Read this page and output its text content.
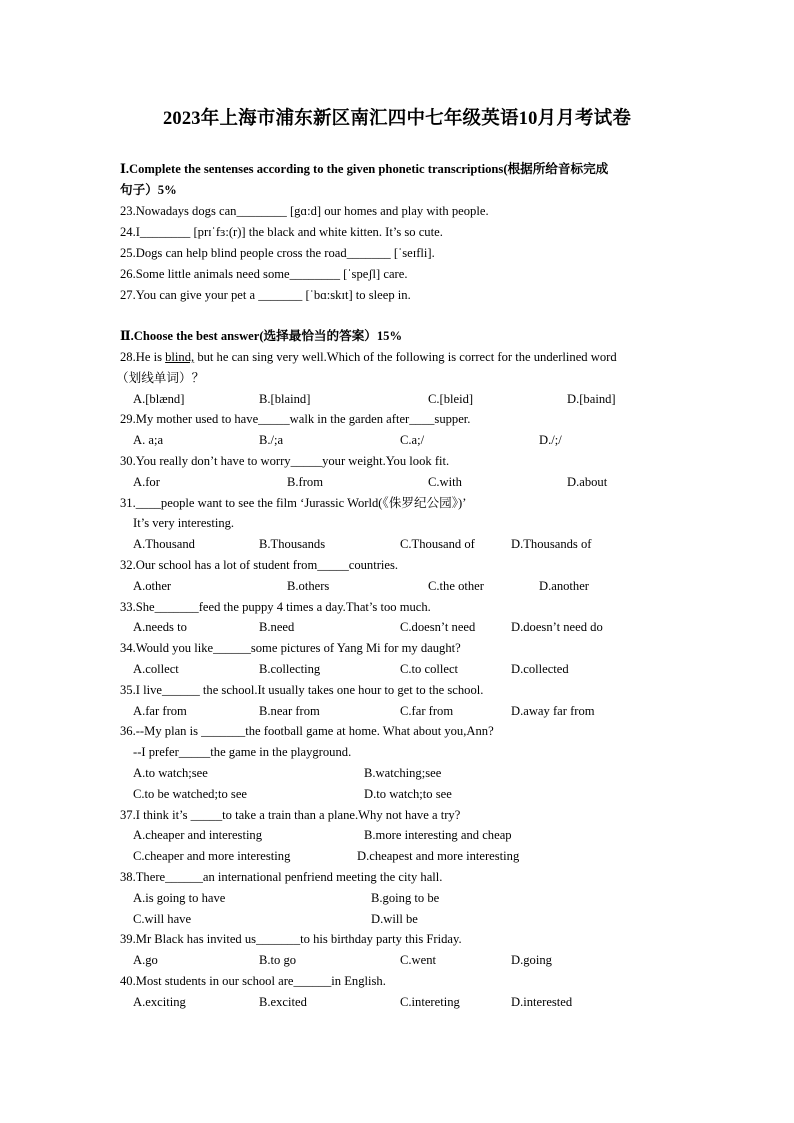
2023年上海市浦东新区南汇四中七年级英语10月月考试卷
Ⅰ.Complete the sentenses according to the given phonetic transcriptions(根据所给音标完成
句子）5%
23.Nowadays dogs can________ [gɑ:d] our homes and play with people.
24.I________ [prɪˈfɜ:(r)] the black and white kitten. It’s so cute.
25.Dogs can help blind people cross the road_______ [ˈseɪfli].
26.Some little animals need some________ [ˈspeʃl] care.
27.You can give your pet a _______ [ˈbɑ:skɪt] to sleep in.
Ⅱ.Choose the best answer(选择最恰当的答案）15%
28.He is blind, but he can sing very well.Which of the following is correct for the underlined word
（划线单词）？
A.[blænd]	B.[blaind]	C.[bleid]	D.[baind]
29.My mother used to have_____walk in the garden after____supper.
A. a;a	B./;a	C.a;/	D./;/
30.You really don’t have to worry_____your weight.You look fit.
A.for	B.from	C.with	D.about
31.____people want to see the film ‘Jurassic World(《侏罗纪公园》)’
It’s very interesting.
A.Thousand	B.Thousands	C.Thousand of	D.Thousands of
32.Our school has a lot of student from_____countries.
A.other	B.others	C.the other	D.another
33.She_______feed the puppy 4 times a day.That’s too much.
A.needs to	B.need	C.doesn’t need	D.doesn’t need do
34.Would you like______some pictures of Yang Mi for my daught?
A.collect	B.collecting	C.to collect	D.collected
35.I live______ the school.It usually takes one hour to get to the school.
A.far from	B.near from	C.far from	D.away far from
36.--My plan is _______the football game at home. What about you,Ann?
--I prefer_____the game in the playground.
A.to watch;see	B.watching;see
C.to be watched;to see	D.to watch;to see
37.I think it’s _____to take a train than a plane.Why not have a try?
A.cheaper and interesting	B.more interesting and cheap
C.cheaper and more interesting	D.cheapest and more interesting
38.There______an international penfriend meeting the city hall.
A.is going to have	B.going to be
C.will have	D.will be
39.Mr Black has invited us_______to his birthday party this Friday.
A.go	B.to go	C.went	D.going
40.Most students in our school are______in English.
A.exciting	B.excited	C.intereting	D.interested
